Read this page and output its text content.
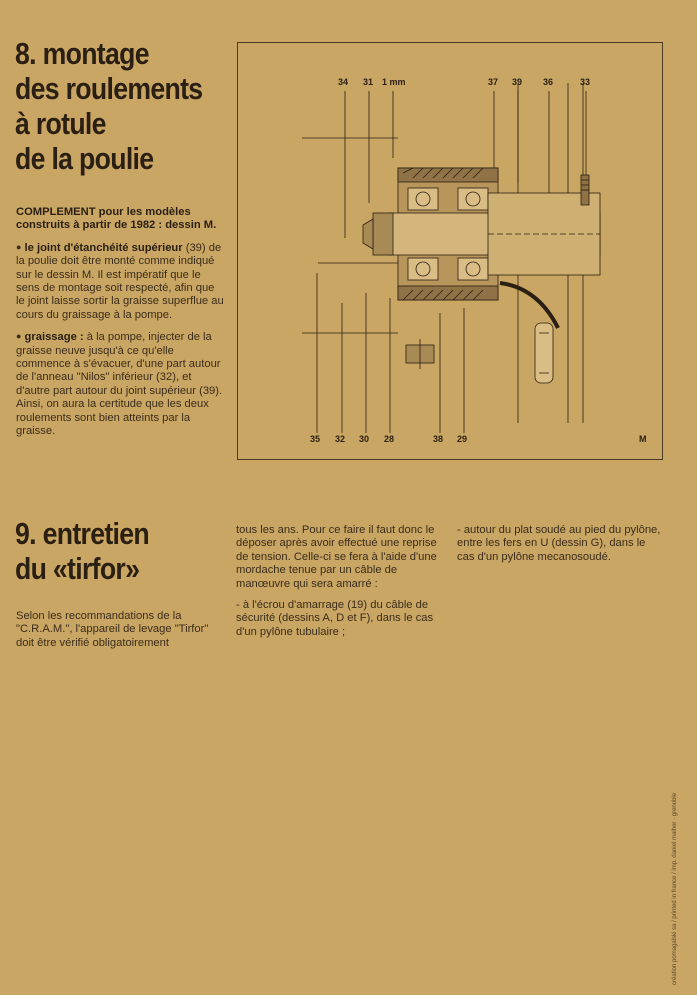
8. montage
des roulements
à rotule
de la poulie

COMPLEMENT pour les modèles construits à partir de 1982 : dessin M.

● le joint d'étanchéité supérieur (39) de la poulie doit être monté comme indiqué sur le dessin M. Il est impératif que le sens de montage soit respecté, afin que le joint laisse sortir la graisse superflue au cours du graissage à la pompe.

● graissage : à la pompe, injecter de la graisse neuve jusqu'à ce qu'elle commence à s'évacuer, d'une part autour de l'anneau "Nilos" inférieur (32), et d'autre part autour du joint supérieur (39). Ainsi, on aura la certitude que les deux roulements sont bien atteints par la graisse.

34 31 1 mm	37 39 36	33
35 32 30 28	38 29	M
9. entretien
du «tirfor»

Selon les recommandations de la "C.R.A.M.", l'appareil de levage "Tirfor" doit être vérifié obligatoirement

tous les ans. Pour ce faire il faut donc le déposer après avoir effectué une reprise de tension. Celle-ci se fera à l'aide d'une mordache tenue par un câble de manœuvre qui sera amarré :

- à l'écrou d'amarrage (19) du câble de sécurité (dessins A, D et F), dans le cas d'un pylône tubulaire ;

- autour du plat soudé au pied du pylône, entre les fers en U (dessin G), dans le cas d'un pylône mecanosoudé.

création pomagalski sa / printed in france / imp. daniel malher · grenoble
